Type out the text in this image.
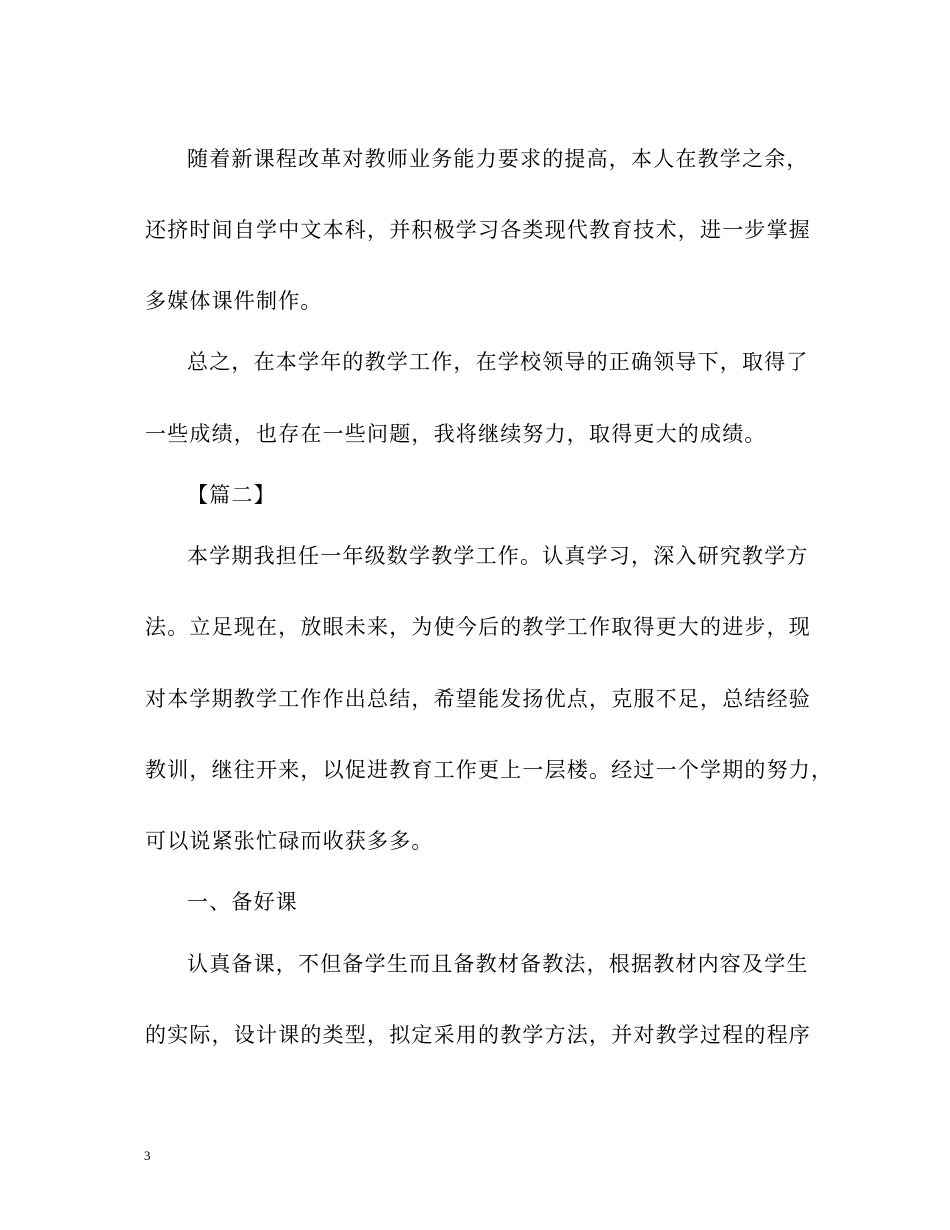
随着新课程改革对教师业务能力要求的提高，本人在教学之余，
还挤时间自学中文本科，并积极学习各类现代教育技术，进一步掌握
多媒体课件制作。
总之，在本学年的教学工作，在学校领导的正确领导下，取得了
一些成绩，也存在一些问题，我将继续努力，取得更大的成绩。
【篇二】
本学期我担任一年级数学教学工作。认真学习，深入研究教学方
法。立足现在，放眼未来，为使今后的教学工作取得更大的进步，现
对本学期教学工作作出总结，希望能发扬优点，克服不足，总结经验
教训，继往开来，以促进教育工作更上一层楼。经过一个学期的努力，
可以说紧张忙碌而收获多多。
一、备好课
认真备课，不但备学生而且备教材备教法，根据教材内容及学生
的实际，设计课的类型，拟定采用的教学方法，并对教学过程的程序
3
